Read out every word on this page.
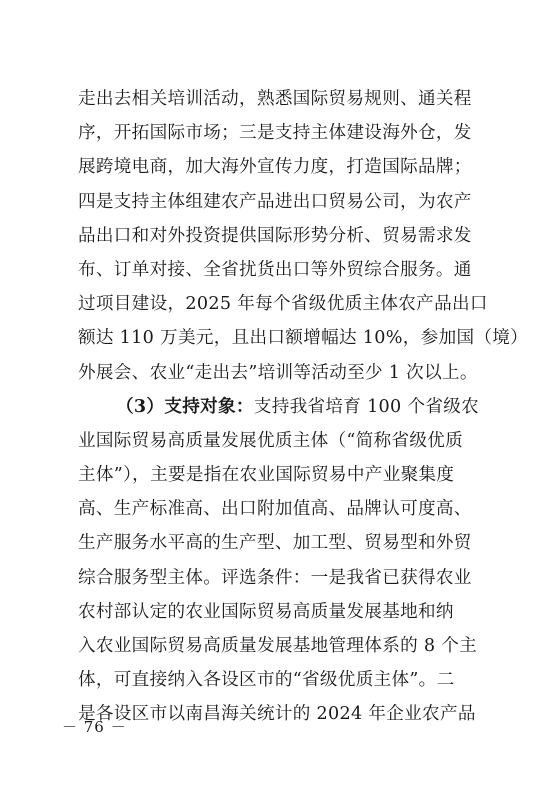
走出去相关培训活动，熟悉国际贸易规则、通关程
序，开拓国际市场；三是支持主体建设海外仓，发
展跨境电商，加大海外宣传力度，打造国际品牌；
四是支持主体组建农产品进出口贸易公司，为农产
品出口和对外投资提供国际形势分析、贸易需求发
布、订单对接、全省扰货出口等外贸综合服务。通
过项目建设，2025 年每个省级优质主体农产品出口
额达 110 万美元，且出口额增幅达 10%，参加国（境）
外展会、农业“走出去”培训等活动至少 1 次以上。
（3）支持对象：支持我省培育 100 个省级农
业国际贸易高质量发展优质主体（“简称省级优质
主体”），主要是指在农业国际贸易中产业聚集度
高、生产标准高、出口附加值高、品牌认可度高、
生产服务水平高的生产型、加工型、贸易型和外贸
综合服务型主体。评选条件：一是我省已获得农业
农村部认定的农业国际贸易高质量发展基地和纳
入农业国际贸易高质量发展基地管理体系的 8 个主
体，可直接纳入各设区市的“省级优质主体”。二
是各设区市以南昌海关统计的 2024 年企业农产品
－ 76 －
